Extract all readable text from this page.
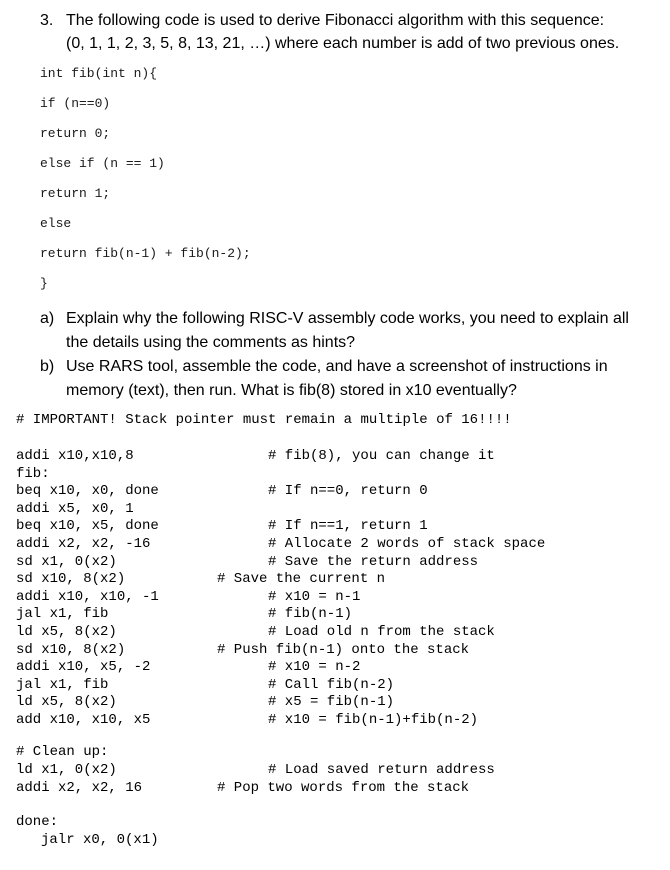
3. The following code is used to derive Fibonacci algorithm with this sequence:
(0, 1, 1, 2, 3, 5, 8, 13, 21, …) where each number is add of two previous ones.
int fib(int n){
if (n==0)
return 0;
else if (n == 1)
return 1;
else
return fib(n-1) + fib(n-2);
}
a) Explain why the following RISC-V assembly code works, you need to explain all
the details using the comments as hints?
b) Use RARS tool, assemble the code, and have a screenshot of instructions in
memory (text), then run. What is fib(8) stored in x10 eventually?
# IMPORTANT! Stack pointer must remain a multiple of 16!!!!
addi x10,x10,8	# fib(8), you can change it
fib:
beq x10, x0, done	# If n==0, return 0
addi x5, x0, 1
beq x10, x5, done	# If n==1, return 1
addi x2, x2, -16	# Allocate 2 words of stack space
sd x1, 0(x2)	# Save the return address
sd x10, 8(x2)	# Save the current n
addi x10, x10, -1	# x10 = n-1
jal x1, fib	# fib(n-1)
ld x5, 8(x2)	# Load old n from the stack
sd x10, 8(x2)	# Push fib(n-1) onto the stack
addi x10, x5, -2	# x10 = n-2
jal x1, fib	# Call fib(n-2)
ld x5, 8(x2)	# x5 = fib(n-1)
add x10, x10, x5	# x10 = fib(n-1)+fib(n-2)
# Clean up:
ld x1, 0(x2)	# Load saved return address
addi x2, x2, 16	# Pop two words from the stack
done:
jalr x0, 0(x1)
